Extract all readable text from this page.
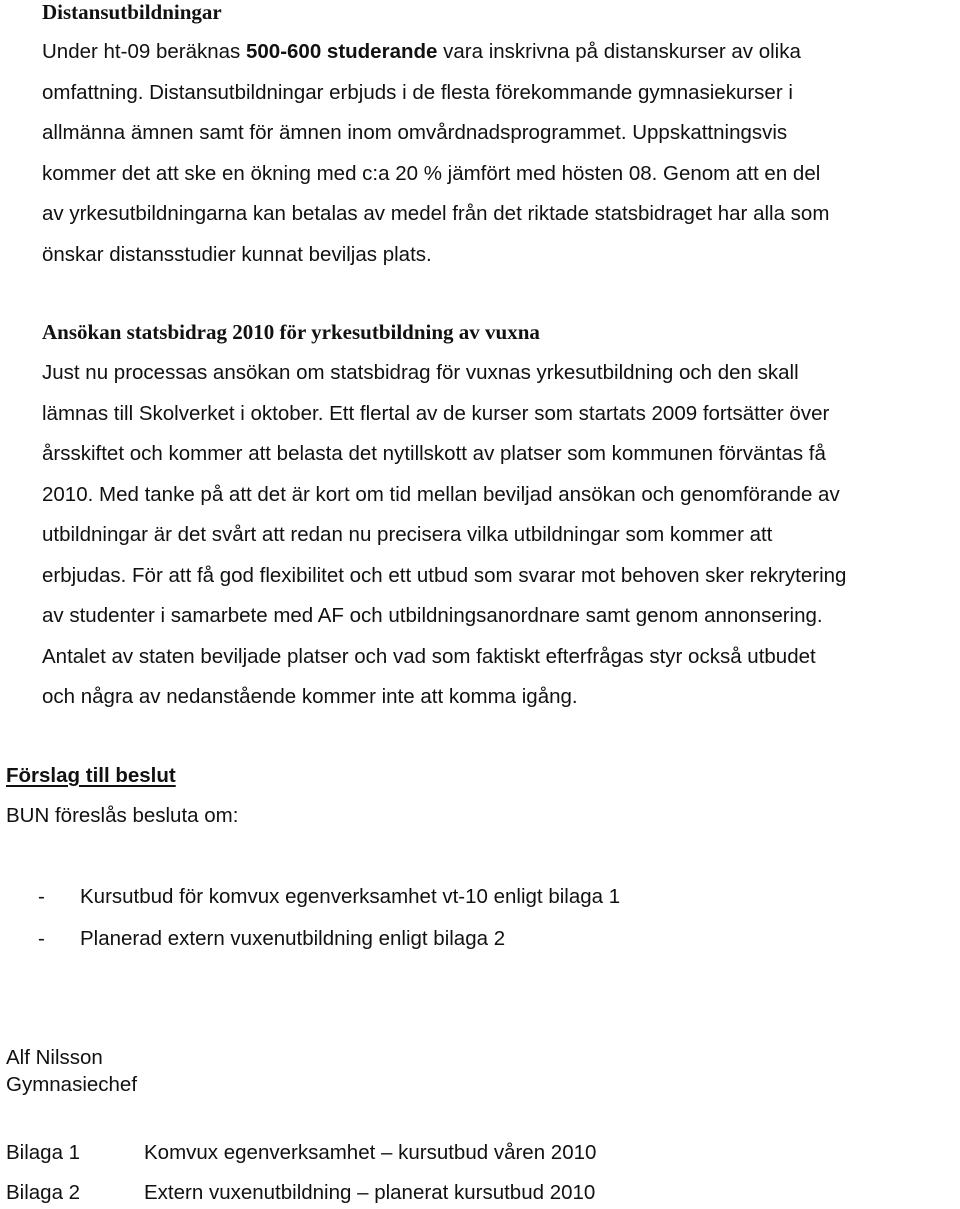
Distansutbildningar
Under ht-09 beräknas 500-600 studerande vara inskrivna på distanskurser av olika
omfattning. Distansutbildningar erbjuds i de flesta förekommande gymnasiekurser i
allmänna ämnen samt för ämnen inom omvårdnadsprogrammet. Uppskattningsvis
kommer det att ske en ökning med c:a 20 % jämfört med hösten 08. Genom att en del
av yrkesutbildningarna kan betalas av medel från det riktade statsbidraget har alla som
önskar distansstudier kunnat beviljas plats.
Ansökan statsbidrag 2010 för yrkesutbildning av vuxna
Just nu processas ansökan om statsbidrag för vuxnas yrkesutbildning och den skall
lämnas till Skolverket i oktober. Ett flertal av de kurser som startats 2009 fortsätter över
årsskiftet och kommer att belasta det nytillskott av platser som kommunen förväntas få
2010. Med tanke på att det är kort om tid mellan beviljad ansökan och genomförande av
utbildningar är det svårt att redan nu precisera vilka utbildningar som kommer att
erbjudas. För att få god flexibilitet och ett utbud som svarar mot behoven sker rekrytering
av studenter i samarbete med AF och utbildningsanordnare samt genom annonsering.
Antalet av staten beviljade platser och vad som faktiskt efterfrågas styr också utbudet
och några av nedanstående kommer inte att komma igång.
Förslag till beslut
BUN föreslås besluta om:
- Kursutbud för komvux egenverksamhet vt-10 enligt bilaga 1
- Planerad extern vuxenutbildning enligt bilaga 2
Alf Nilsson
Gymnasiechef
Bilaga 1	Komvux egenverksamhet – kursutbud våren 2010
Bilaga 2	Extern vuxenutbildning – planerat kursutbud 2010
